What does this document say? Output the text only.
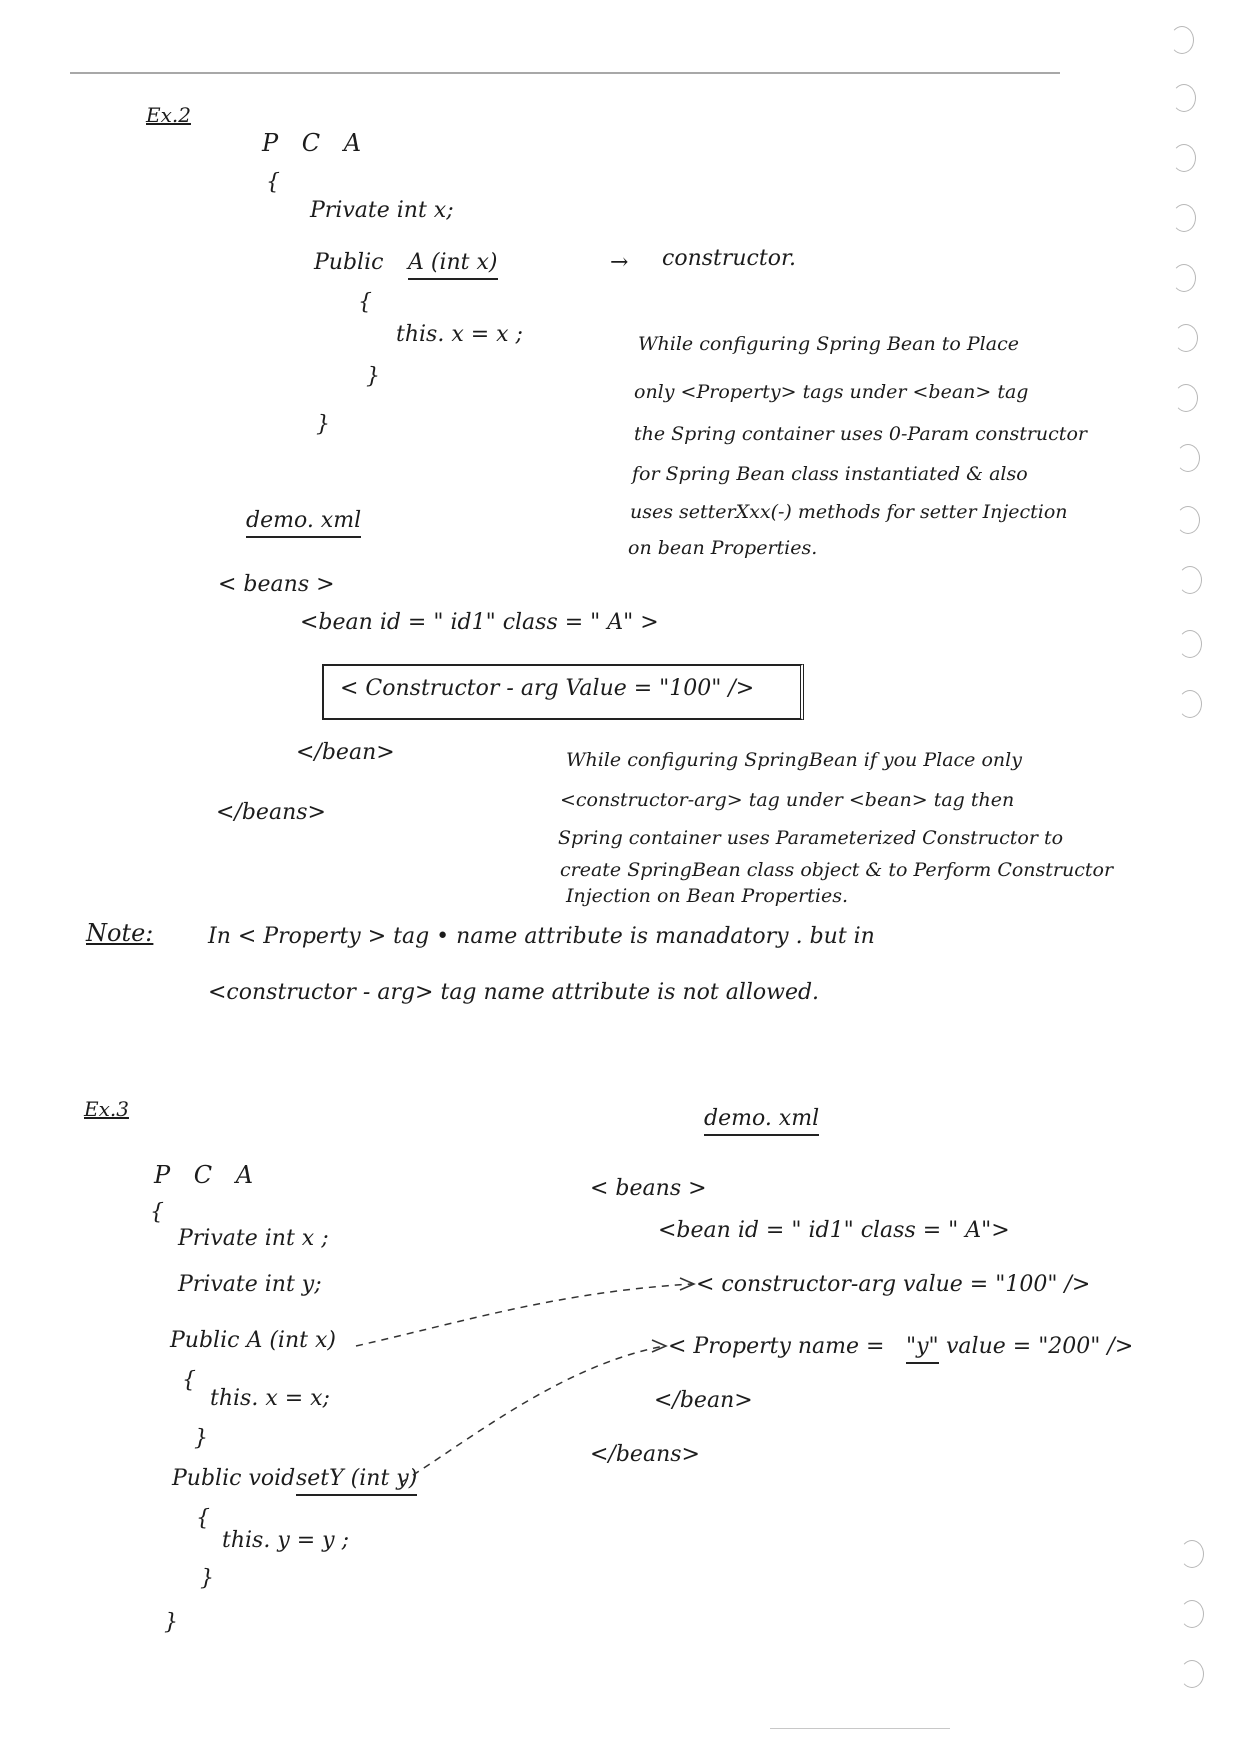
Ex.2
P C A
{
Private int x;
Public A (int x)
{
this. x = x ;
}
}
→ constructor.
While configuring Spring Bean to Place
only <Property> tags under <bean> tag
the Spring container uses 0-Param constructor
for Spring Bean class instantiated & also
uses setterXxx(-) methods for setter Injection
on bean Properties.
demo. xml
< beans >
<bean id = " id1" class = " A" >
< Constructor - arg Value = "100" />
</bean>
</beans>
While configuring SpringBean if you Place only
<constructor-arg> tag under <bean> tag then
Spring container uses Parameterized Constructor to
create SpringBean class object & to Perform Constructor
Injection on Bean Properties.
Note: In < Property > tag • name attribute is manadatory . but in
<constructor - arg> tag name attribute is not allowed.
Ex.3
P C A
{
Private int x ;
Private int y;
Public A (int x)
{
this. x = x;
}
Public void setY (int y)
{
this. y = y ;
}
}
demo. xml
< beans >
<bean id = " id1" class = " A">
< constructor-arg value = "100" />
< Property name = "y" value = "200" />
</bean>
</beans>
